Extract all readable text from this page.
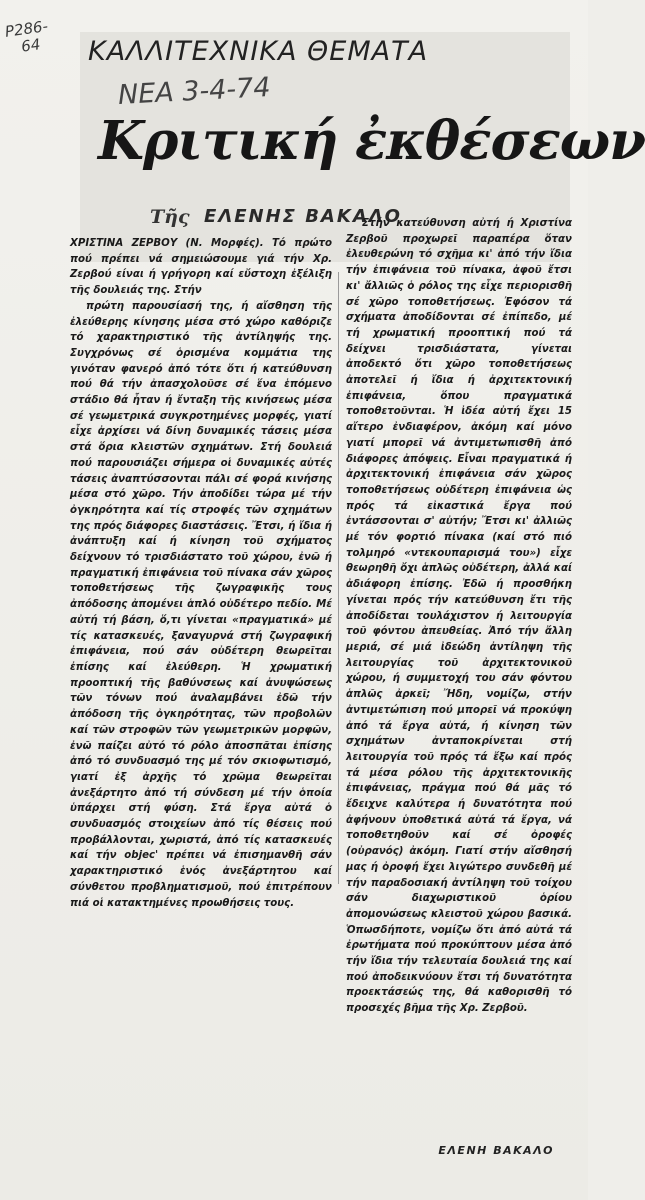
P286-
64	ΚΑΛΛΙΤΕΧΝΙΚΑ ΘΕΜΑΤΑ
ΝΕΑ 3-4-74
Κριτική ἐκθέσεων
Τῆς ΕΛΕΝΗΣ ΒΑΚΑΛΟ

ΧΡΙΣΤΙΝΑ ΖΕΡΒΟΥ (Ν. Μορφές). Τό πρώτο πού πρέπει νά σημειώσουμε γιά τήν Χρ. Ζερβού είναι ή γρήγορη καί εὔστοχη ἐξέλιξη τῆς δουλειάς της. Στήν

πρώτη παρουσίασή της, ή αἴσθηση τῆς ἐλεύθερης κίνησης μέσα στό χώρο καθόριζε τό χαρακτηριστικό τῆς ἀντίληψής της. Συγχρόνως σέ ὁρισμένα κομμάτια της γινόταν φανερό ἀπό τότε ὅτι ή κατεύθυνση πού θά τήν ἀπασχολοῦσε σέ ἕνα ἑπόμενο στάδιο θά ἦταν ή ἔνταξη τῆς κινήσεως μέσα σέ γεωμετρικά συγκροτημένες μορφές, γιατί εἶχε ἀρχίσει νά δίνη δυναμικές τάσεις μέσα στά ὅρια κλειστῶν σχημάτων. Στή δουλειά πού παρουσιάζει σήμερα οἱ δυναμικές αὐτές τάσεις ἀναπτύσσονται πάλι σέ φορά κινήσης μέσα στό χῶρο. Τήν ἀποδίδει τώρα μέ τήν ὀγκηρότητα καί τίς στροφές τῶν σχημάτων της πρός διάφορες διαστάσεις. Ἔτσι, ή ἴδια ή ἀνάπτυξη καί ή κίνηση τοῦ σχήματος δείχνουν τό τρισδιάστατο τοῦ χώρου, ἐνῶ ή πραγματική ἐπιφάνεια τοῦ πίνακα σάν χῶρος τοποθετήσεως τῆς ζωγραφικῆς τους ἀπόδοσης ἀπομένει ἁπλό οὐδέτερο πεδίο. Μέ αὐτή τή βάση, ὅ,τι γίνεται «πραγματικά» μέ τίς κατασκευές, ξαναγυρνά στή ζωγραφική ἐπιφάνεια, πού σάν οὐδέτερη θεωρεῖται ἐπίσης καί ἐλεύθερη. Ἡ χρωματική προοπτική τῆς βαθύνσεως καί ἀνυψώσεως τῶν τόνων πού ἀναλαμβάνει ἐδῶ τήν ἀπόδοση τῆς ὀγκηρότητας, τῶν προβολῶν καί τῶν στροφῶν τῶν γεωμετρικῶν μορφῶν, ἐνῶ παίζει αὐτό τό ρόλο ἀποσπᾶται ἐπίσης ἀπό τό συνδυασμό της μέ τόν σκιοφωτισμό, γιατί ἐξ ἀρχῆς τό χρῶμα θεωρεῖται ἀνεξάρτητο ἀπό τή σύνδεση μέ τήν ὁποία ὑπάρχει στή φύση. Στά ἔργα αὐτά ὁ συνδυασμός στοιχείων ἀπό τίς θέσεις πού προβάλλονται, χωριστά, ἀπό τίς κατασκευές καί τήν objec' πρέπει νά ἐπισημανθῆ σάν χαρακτηριστικό ἑνός ἀνεξάρτητου καί σύνθετου προβληματισμοῦ, πού ἐπιτρέπουν πιά οἱ κατακτημένες προωθήσεις τους.

Στήν κατεύθυνση αὐτή ή Χριστίνα Ζερβοῦ προχωρεῖ παραπέρα ὅταν ἐλευθερώνη τό σχῆμα κι' ἀπό τήν ἴδια τήν ἐπιφάνεια τοῦ πίνακα, ἀφοῦ ἔτσι κι' ἄλλιῶς ὁ ρόλος της εἶχε περιορισθῆ σέ χῶρο τοποθετήσεως. Ἐφόσον τά σχήματα ἀποδίδονται σέ ἐπίπεδο, μέ τή χρωματική προοπτική πού τά δείχνει τρισδιάστατα, γίνεται ἀποδεκτό ὅτι χῶρο τοποθετήσεως ἀποτελεῖ ή ἴδια ή ἀρχιτεκτονική ἐπιφάνεια, ὅπου πραγματικά τοποθετοῦνται. Ἡ ἰδέα αὐτή ἔχει 15 αἴτερο ἐνδιαφέρον, ἀκόμη καί μόνο γιατί μπορεῖ νά ἀντιμετωπισθῆ ἀπό διάφορες ἀπόψεις. Εἶναι πραγματικά ή ἀρχιτεκτονική ἐπιφάνεια σάν χῶρος τοποθετήσεως οὐδέτερη ἐπιφάνεια ὡς πρός τά εἰκαστικά ἔργα πού ἐντάσσονται σ' αὐτήν; Ἔτσι κι' ἀλλιῶς μέ τόν φορτιό πίνακα (καί στό πιό τολμηρό «ντεκουπαρισμά του») εἶχε θεωρηθῆ ὄχι ἁπλῶς οὐδέτερη, ἀλλά καί ἀδιάφορη ἐπίσης. Ἐδῶ ή προσθήκη γίνεται πρός τήν κατεύθυνση ἔτι τῆς ἀποδίδεται τουλάχιστον ή λειτουργία τοῦ φόντου ἀπευθείας. Ἀπό τήν ἄλλη μεριά, σέ μιά ἰδεώδη ἀντίληψη τῆς λειτουργίας τοῦ ἀρχιτεκτονικοῦ χώρου, ή συμμετοχή του σάν φόντου ἁπλῶς ἀρκεῖ; Ἤδη, νομίζω, στήν ἀντιμετώπιση πού μπορεῖ νά προκύψη ἀπό τά ἔργα αὐτά, ή κίνηση τῶν σχημάτων ἀνταποκρίνεται στή λειτουργία τοῦ πρός τά ἔξω καί πρός τά μέσα ρόλου τῆς ἀρχιτεκτονικῆς ἐπιφάνειας, πράγμα πού θά μᾶς τό ἔδειχνε καλύτερα ή δυνατότητα πού ἀφήνουν ὑποθετικά αὐτά τά ἔργα, νά τοποθετηθοῦν καί σέ ὀροφές (οὐρανός) ἀκόμη. Γιατί στήν αἴσθησή μας ή ὀροφή ἔχει λιγώτερο συνδεθῆ μέ τήν παραδοσιακή ἀντίληψη τοῦ τοίχου σάν διαχωριστικοῦ ὁρίου ἀπομονώσεως κλειστοῦ χώρου βασικά. Ὁπωσδήποτε, νομίζω ὅτι ἀπό αὐτά τά ἐρωτήματα πού προκύπτουν μέσα ἀπό τήν ἴδια τήν τελευταία δουλειά της καί πού ἀποδεικνύουν ἔτσι τή δυνατότητα προεκτάσεώς της, θά καθορισθῆ τό προσεχές βῆμα τῆς Χρ. Ζερβοῦ.

ΕΛΕΝΗ ΒΑΚΑΛΟ
